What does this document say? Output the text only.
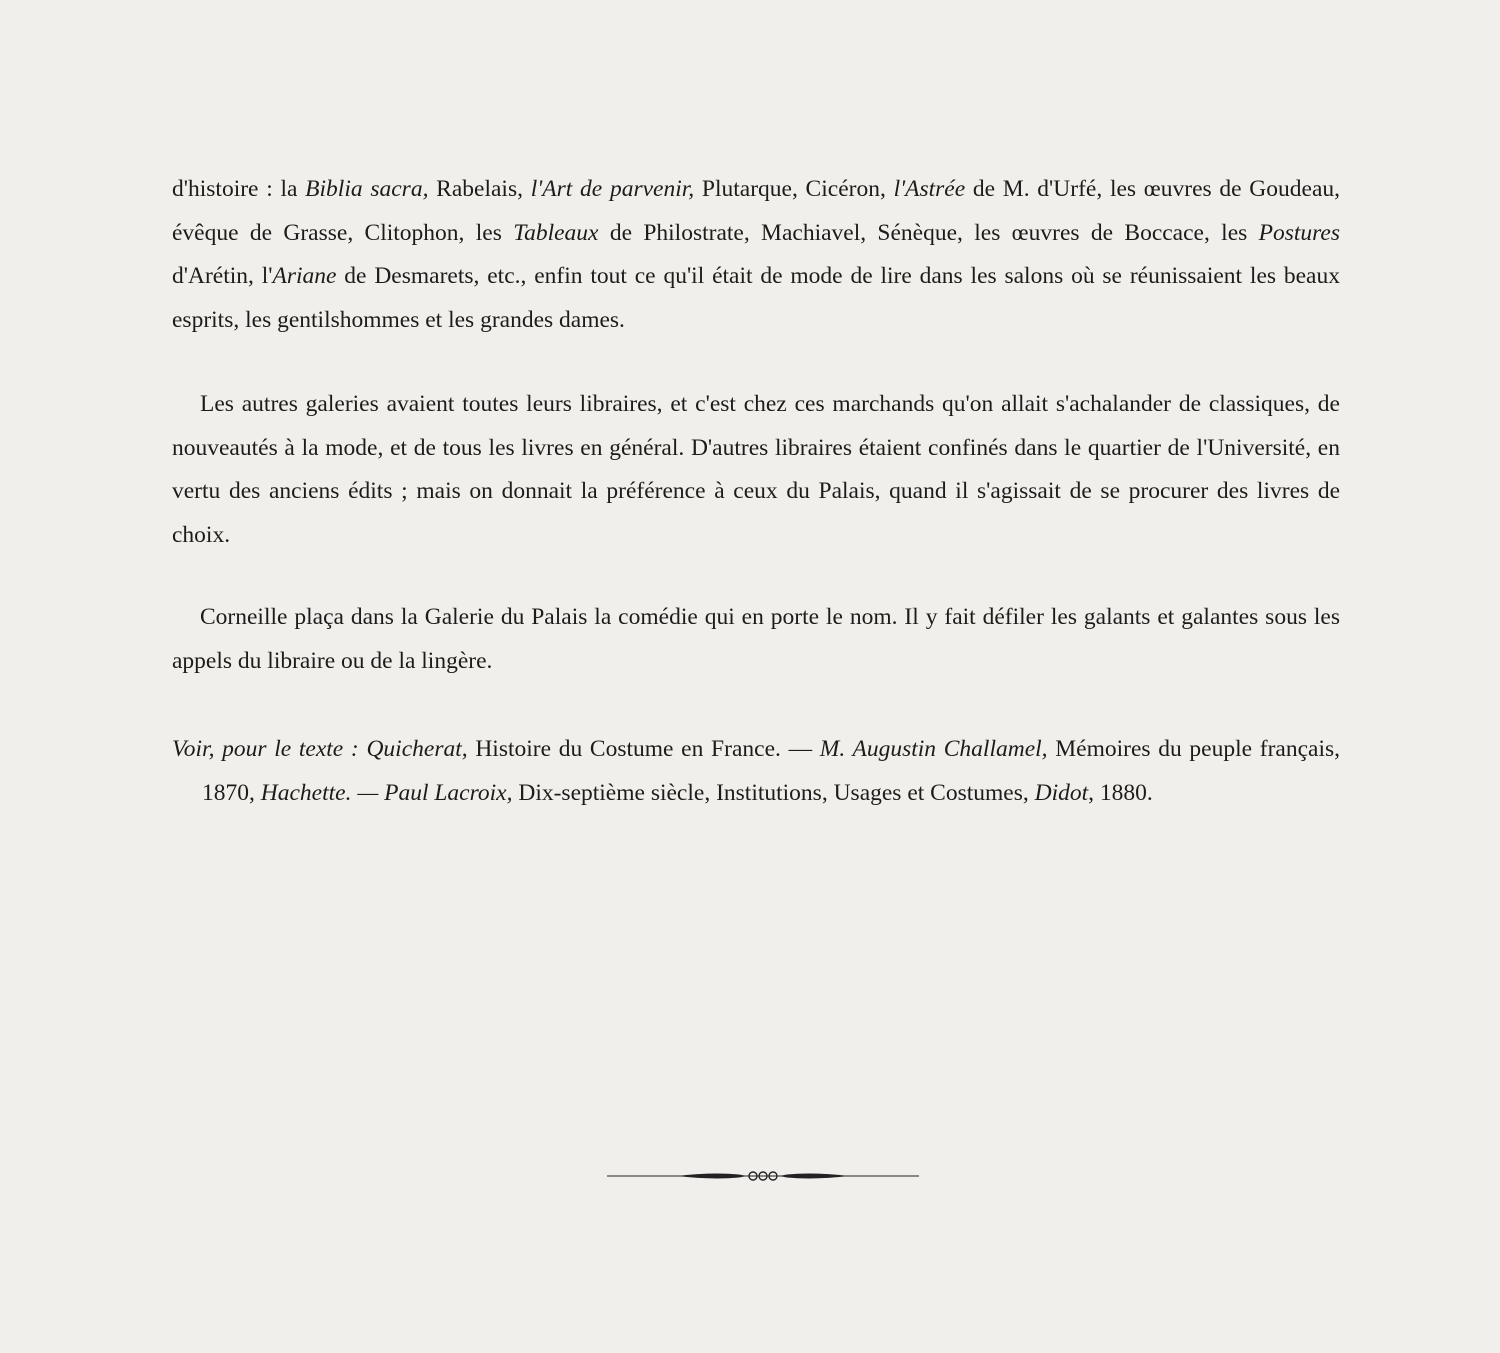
d'histoire : la Biblia sacra, Rabelais, l'Art de parvenir, Plutarque, Cicéron, l'Astrée de M. d'Urfé, les œuvres de Goudeau, évêque de Grasse, Clitophon, les Tableaux de Philostrate, Machiavel, Sénèque, les œuvres de Boccace, les Postures d'Arétin, l'Ariane de Desmarets, etc., enfin tout ce qu'il était de mode de lire dans les salons où se réunissaient les beaux esprits, les gentilshommes et les grandes dames.

Les autres galeries avaient toutes leurs libraires, et c'est chez ces marchands qu'on allait s'achalander de classiques, de nouveautés à la mode, et de tous les livres en général. D'autres libraires étaient confinés dans le quartier de l'Université, en vertu des anciens édits ; mais on donnait la préférence à ceux du Palais, quand il s'agissait de se procurer des livres de choix.

Corneille plaça dans la Galerie du Palais la comédie qui en porte le nom. Il y fait défiler les galants et galantes sous les appels du libraire ou de la lingère.

Voir, pour le texte : Quicherat, Histoire du Costume en France. — M. Augustin Challamel, Mémoires du peuple français, 1870, Hachette. — Paul Lacroix, Dix-septième siècle, Institutions, Usages et Costumes, Didot, 1880.
